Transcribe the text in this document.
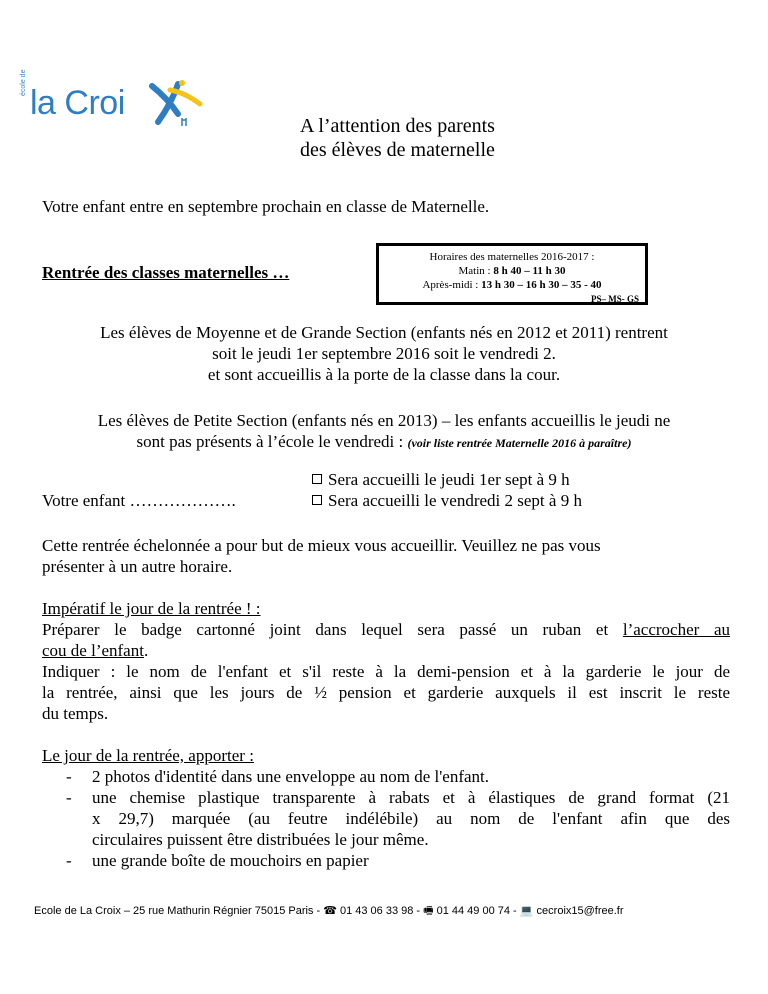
école de
la Croi
A l’attention des parents
des élèves de maternelle
Votre enfant entre en septembre prochain en classe de Maternelle.
Rentrée des classes maternelles …
Horaires des maternelles 2016-2017 :
Matin : 8 h 40 – 11 h 30
Après-midi : 13 h 30 – 16 h 30 – 35 - 40
PS– MS- GS
Les élèves de Moyenne et de Grande Section (enfants nés en 2012 et 2011) rentrent
soit le jeudi 1er septembre 2016 soit le vendredi 2.
et sont accueillis à la porte de la classe dans la cour.
Les élèves de Petite Section (enfants nés en 2013) – les enfants accueillis le jeudi ne
sont pas présents à l’école le vendredi : (voir liste rentrée Maternelle 2016 à paraître)
Votre enfant ……………….
Sera accueilli le jeudi 1er sept à 9 h
Sera accueilli le vendredi 2 sept à 9 h
Cette rentrée échelonnée a pour but de mieux vous accueillir. Veuillez ne pas vous
présenter à un autre horaire.
Impératif le jour de la rentrée ! :
Préparer le badge cartonné joint dans lequel sera passé un ruban et l’accrocher au
cou de l’enfant.
Indiquer : le nom de l'enfant et s'il reste à la demi-pension et à la garderie le jour de
la rentrée, ainsi que les jours de ½ pension et garderie auxquels il est inscrit le reste
du temps.
Le jour de la rentrée, apporter :
- 2 photos d'identité dans une enveloppe au nom de l'enfant.
- une chemise plastique transparente à rabats et à élastiques de grand format (21
x 29,7) marquée (au feutre indélébile) au nom de l'enfant afin que des
circulaires puissent être distribuées le jour même.
- une grande boîte de mouchoirs en papier
Ecole de La Croix – 25 rue Mathurin Régnier 75015 Paris - ☎ 01 43 06 33 98 - 🖷 01 44 49 00 74 - 💻 cecroix15@free.fr
